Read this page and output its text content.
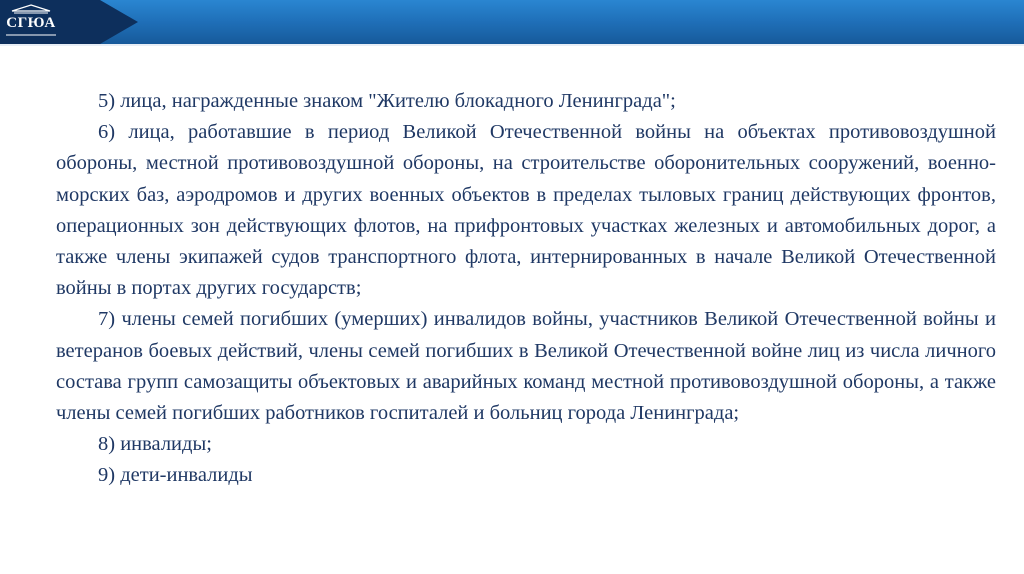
СГЮА

5) лица, награжденные знаком "Жителю блокадного Ленинграда";

6) лица, работавшие в период Великой Отечественной войны на объектах противовоздушной обороны, местной противовоздушной обороны, на строительстве оборонительных сооружений, военно-морских баз, аэродромов и других военных объектов в пределах тыловых границ действующих фронтов, операционных зон действующих флотов, на прифронтовых участках железных и автомобильных дорог, а также члены экипажей судов транспортного флота, интернированных в начале Великой Отечественной войны в портах других государств;

7) члены семей погибших (умерших) инвалидов войны, участников Великой Отечественной войны и ветеранов боевых действий, члены семей погибших в Великой Отечественной войне лиц из числа личного состава групп самозащиты объектовых и аварийных команд местной противовоздушной обороны, а также члены семей погибших работников госпиталей и больниц города Ленинграда;

8) инвалиды;

9) дети-инвалиды
